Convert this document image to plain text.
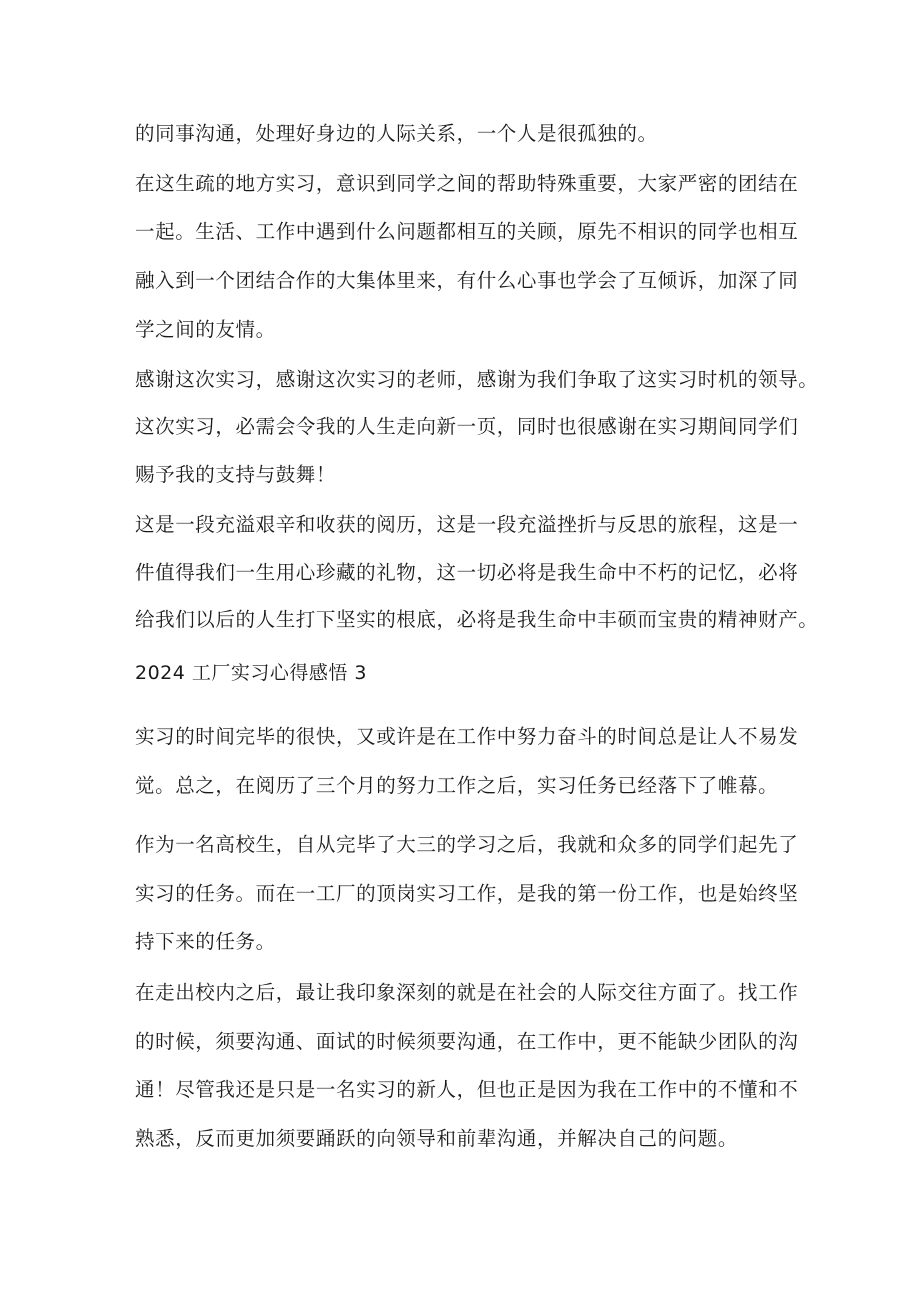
的同事沟通，处理好身边的人际关系，一个人是很孤独的。
在这生疏的地方实习，意识到同学之间的帮助特殊重要，大家严密的团结在
一起。生活、工作中遇到什么问题都相互的关顾，原先不相识的同学也相互
融入到一个团结合作的大集体里来，有什么心事也学会了互倾诉，加深了同
学之间的友情。
感谢这次实习，感谢这次实习的老师，感谢为我们争取了这实习时机的领导。
这次实习，必需会令我的人生走向新一页，同时也很感谢在实习期间同学们
赐予我的支持与鼓舞！
这是一段充溢艰辛和收获的阅历，这是一段充溢挫折与反思的旅程，这是一
件值得我们一生用心珍藏的礼物，这一切必将是我生命中不朽的记忆，必将
给我们以后的人生打下坚实的根底，必将是我生命中丰硕而宝贵的精神财产。
2024 工厂实习心得感悟 3
实习的时间完毕的很快，又或许是在工作中努力奋斗的时间总是让人不易发
觉。总之，在阅历了三个月的努力工作之后，实习任务已经落下了帷幕。
作为一名高校生，自从完毕了大三的学习之后，我就和众多的同学们起先了
实习的任务。而在一工厂的顶岗实习工作，是我的第一份工作，也是始终坚
持下来的任务。
在走出校内之后，最让我印象深刻的就是在社会的人际交往方面了。找工作
的时候，须要沟通、面试的时候须要沟通，在工作中，更不能缺少团队的沟
通！尽管我还是只是一名实习的新人，但也正是因为我在工作中的不懂和不
熟悉，反而更加须要踊跃的向领导和前辈沟通，并解决自己的问题。
